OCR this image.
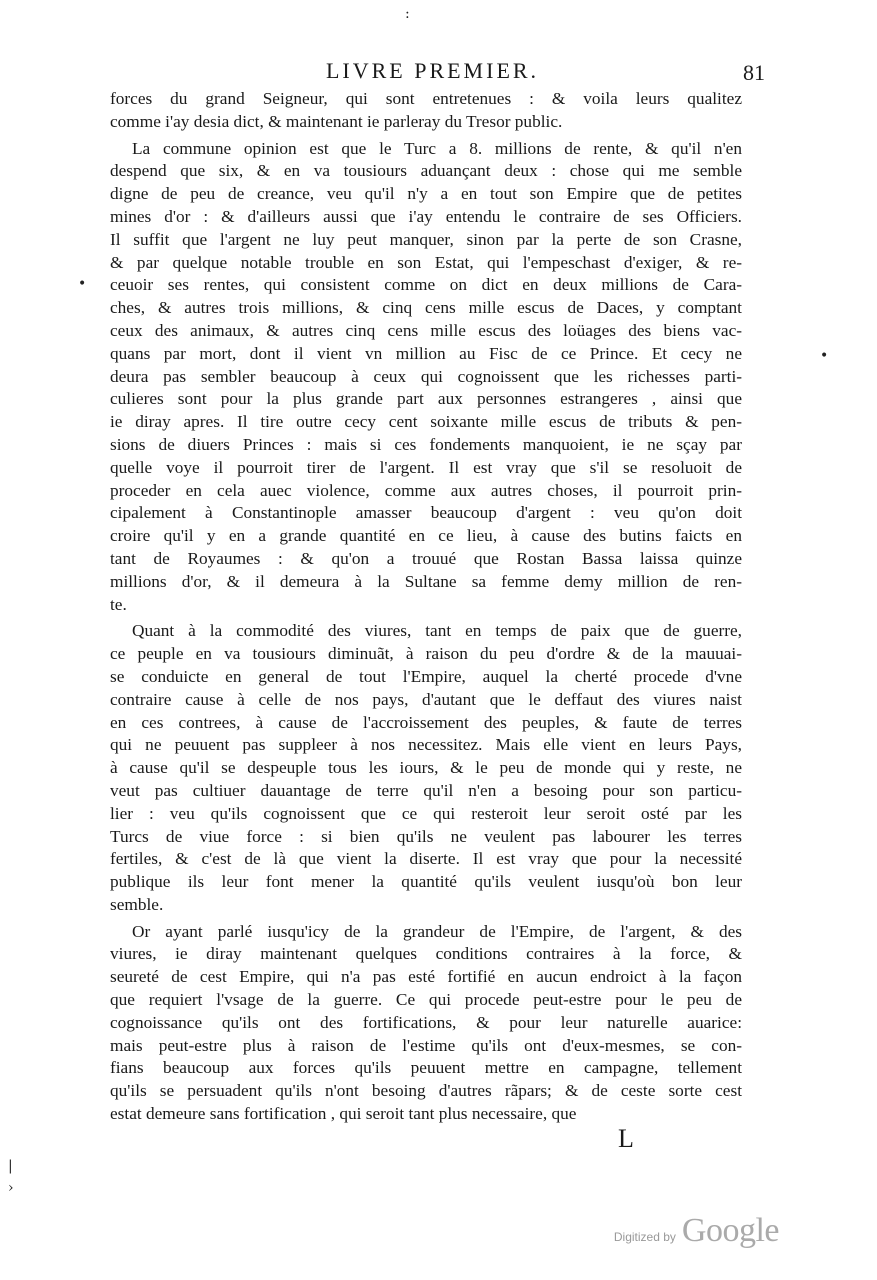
LIVRE PREMIER.	81
forces du grand Seigneur, qui sont entretenues : & voila leurs qualitez
comme i'ay desia dict, & maintenant ie parleray du Tresor public.
La commune opinion est que le Turc a 8. millions de rente, & qu'il n'en
despend que six, & en va tousiours aduançant deux : chose qui me semble
digne de peu de creance, veu qu'il n'y a en tout son Empire que de petites
mines d'or : & d'ailleurs aussi que i'ay entendu le contraire de ses Officiers.
Il suffit que l'argent ne luy peut manquer, sinon par la perte de son Crasne,
& par quelque notable trouble en son Estat, qui l'empeschast d'exiger, & re-
ceuoir ses rentes, qui consistent comme on dict en deux millions de Cara-
ches, & autres trois millions, & cinq cens mille escus de Daces, y comptant
ceux des animaux, & autres cinq cens mille escus des loüages des biens vac-
quans par mort, dont il vient vn million au Fisc de ce Prince. Et cecy ne
deura pas sembler beaucoup à ceux qui cognoissent que les richesses parti-
culieres sont pour la plus grande part aux personnes estrangeres , ainsi que
ie diray apres. Il tire outre cecy cent soixante mille escus de tributs & pen-
sions de diuers Princes : mais si ces fondements manquoient, ie ne sçay par
quelle voye il pourroit tirer de l'argent. Il est vray que s'il se resoluoit de
proceder en cela auec violence, comme aux autres choses, il pourroit prin-
cipalement à Constantinople amasser beaucoup d'argent : veu qu'on doit
croire qu'il y en a grande quantité en ce lieu, à cause des butins faicts en
tant de Royaumes : & qu'on a trouué que Rostan Bassa laissa quinze
millions d'or, & il demeura à la Sultane sa femme demy million de ren-
te.
Quant à la commodité des viures, tant en temps de paix que de guerre,
ce peuple en va tousiours diminuãt, à raison du peu d'ordre & de la mauuai-
se conduicte en general de tout l'Empire, auquel la cherté procede d'vne
contraire cause à celle de nos pays, d'autant que le deffaut des viures naist
en ces contrees, à cause de l'accroissement des peuples, & faute de terres
qui ne peuuent pas suppleer à nos necessitez. Mais elle vient en leurs Pays,
à cause qu'il se despeuple tous les iours, & le peu de monde qui y reste, ne
veut pas cultiuer dauantage de terre qu'il n'en a besoing pour son particu-
lier : veu qu'ils cognoissent que ce qui resteroit leur seroit osté par les
Turcs de viue force : si bien qu'ils ne veulent pas labourer les terres
fertiles, & c'est de là que vient la diserte. Il est vray que pour la necessité
publique ils leur font mener la quantité qu'ils veulent iusqu'où bon leur
semble.
Or ayant parlé iusqu'icy de la grandeur de l'Empire, de l'argent, & des
viures, ie diray maintenant quelques conditions contraires à la force, &
seureté de cest Empire, qui n'a pas esté fortifié en aucun endroict à la façon
que requiert l'vsage de la guerre. Ce qui procede peut-estre pour le peu de
cognoissance qu'ils ont des fortifications, & pour leur naturelle auarice:
mais peut-estre plus à raison de l'estime qu'ils ont d'eux-mesmes, se con-
fians beaucoup aux forces qu'ils peuuent mettre en campagne, tellement
qu'ils se persuadent qu'ils n'ont besoing d'autres rãpars; & de ceste sorte cest
estat demeure sans fortification , qui seroit tant plus necessaire, que
L
:
•
•
|
›
Digitized by Google
